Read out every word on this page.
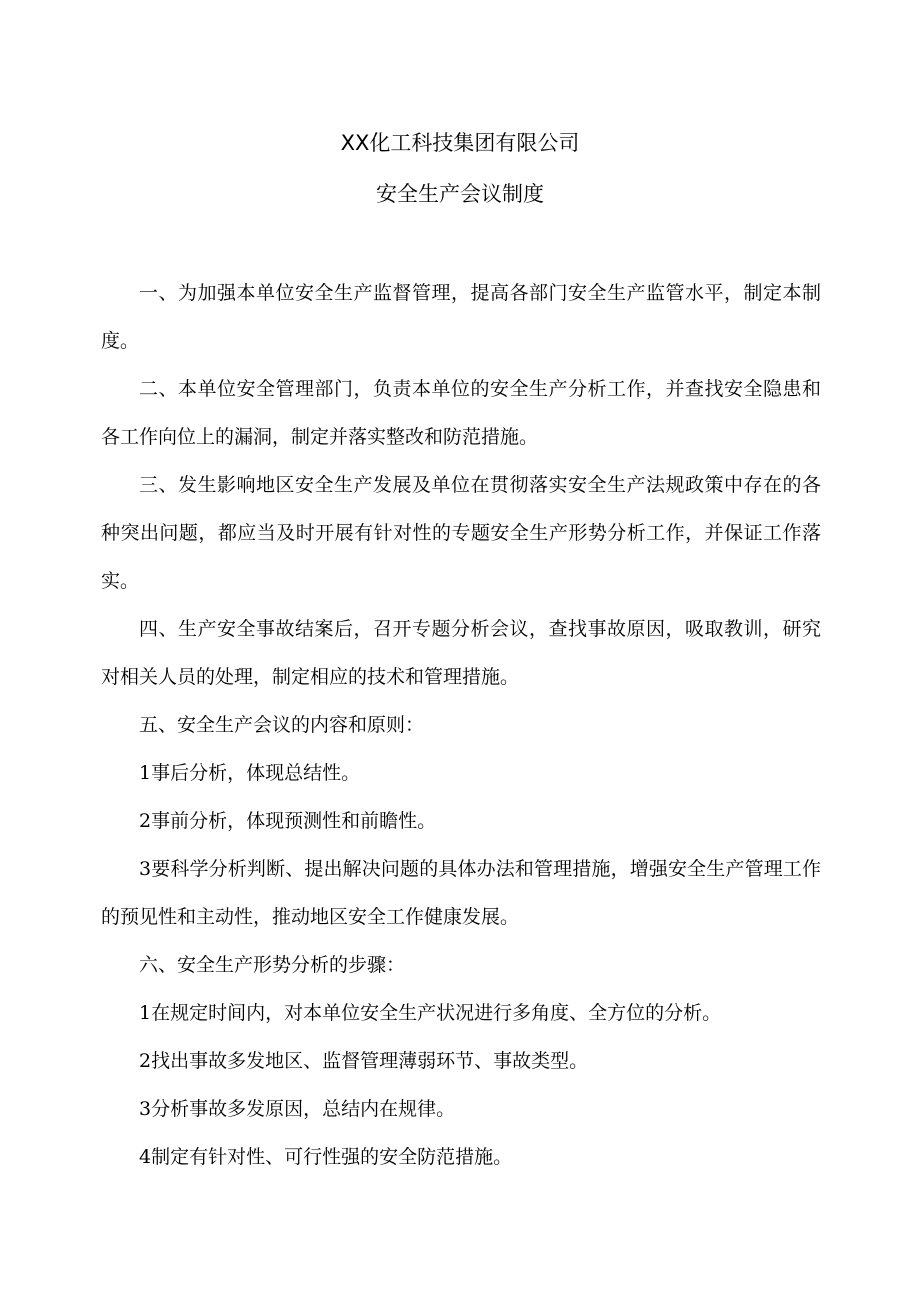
XX化工科技集团有限公司
安全生产会议制度

一、为加强本单位安全生产监督管理，提高各部门安全生产监管水平，制定本制度。

二、本单位安全管理部门，负责本单位的安全生产分析工作，并查找安全隐患和各工作向位上的漏洞，制定并落实整改和防范措施。

三、发生影响地区安全生产发展及单位在贯彻落实安全生产法规政策中存在的各种突出问题，都应当及时开展有针对性的专题安全生产形势分析工作，并保证工作落实。

四、生产安全事故结案后，召开专题分析会议，查找事故原因，吸取教训，研究对相关人员的处理，制定相应的技术和管理措施。

五、安全生产会议的内容和原则：

1事后分析，体现总结性。

2事前分析，体现预测性和前瞻性。

3要科学分析判断、提出解决问题的具体办法和管理措施，增强安全生产管理工作的预见性和主动性，推动地区安全工作健康发展。

六、安全生产形势分析的步骤：

1在规定时间内，对本单位安全生产状况进行多角度、全方位的分析。

2找出事故多发地区、监督管理薄弱环节、事故类型。

3分析事故多发原因，总结内在规律。

4制定有针对性、可行性强的安全防范措施。
